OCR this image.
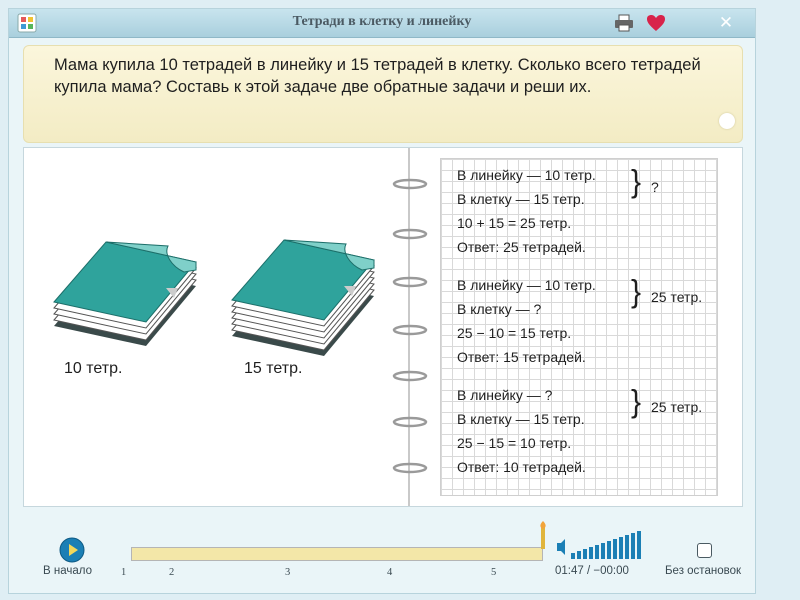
Тетради в клетку и линейку	✕
Мама купила 10 тетрадей в линейку и 15 тетрадей в клетку. Сколько всего тетрадей купила мама? Составь к этой задаче две обратные задачи и реши их.
10 тетр.	15 тетр.
В линейку — 10 тетр.
В клетку — 15 тетр.
10 + 15 = 25 тетр.
Ответ: 25 тетрадей.
} ?
В линейку — 10 тетр.
В клетку — ?
25 − 10 = 15 тетр.
Ответ: 15 тетрадей.
} 25 тетр.
В линейку — ?
В клетку — 15 тетр.
25 − 15 = 10 тетр.
Ответ: 10 тетрадей.
} 25 тетр.
В начало	1	2	3	4	5	01:47 / −00:00	Без остановок
